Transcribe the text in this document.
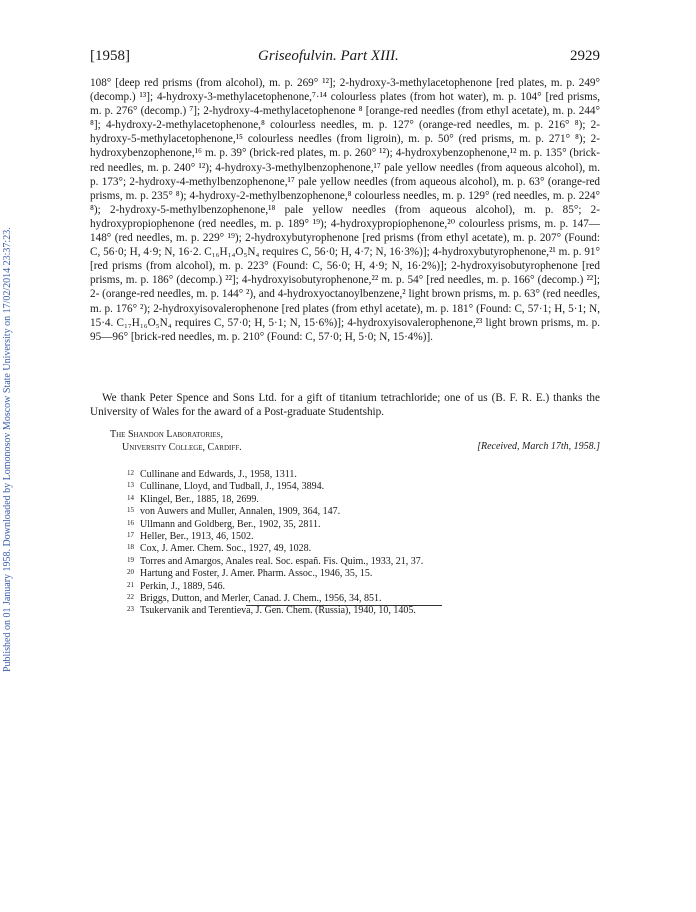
Published on 01 January 1958. Downloaded by Lomonosov Moscow State University on 17/02/2014 23:37:23.
[1958]	Griseofulvin. Part XIII.	2929

108° [deep red prisms (from alcohol), m. p. 269° ¹²]; 2-hydroxy-3-methylacetophenone [red plates, m. p. 249° (decomp.) ¹³]; 4-hydroxy-3-methylacetophenone,⁷·¹⁴ colourless plates (from hot water), m. p. 104° [red prisms, m. p. 276° (decomp.) ⁷]; 2-hydroxy-4-methylacetophenone ⁸ [orange-red needles (from ethyl acetate), m. p. 244° ⁸]; 4-hydroxy-2-methylacetophenone,⁸ colourless needles, m. p. 127° (orange-red needles, m. p. 216° ⁸); 2-hydroxy-5-methylacetophenone,¹⁵ colourless needles (from ligroin), m. p. 50° (red prisms, m. p. 271° ⁸); 2-hydroxybenzophenone,¹⁶ m. p. 39° (brick-red plates, m. p. 260° ¹²); 4-hydroxybenzophenone,¹² m. p. 135° (brick-red needles, m. p. 240° ¹²); 4-hydroxy-3-methylbenzophenone,¹⁷ pale yellow needles (from aqueous alcohol), m. p. 173°; 2-hydroxy-4-methylbenzophenone,¹⁷ pale yellow needles (from aqueous alcohol), m. p. 63° (orange-red prisms, m. p. 235° ⁸); 4-hydroxy-2-methylbenzophenone,⁸ colourless needles, m. p. 129° (red needles, m. p. 224° ⁸); 2-hydroxy-5-methylbenzophenone,¹⁸ pale yellow needles (from aqueous alcohol), m. p. 85°; 2-hydroxypropiophenone (red needles, m. p. 189° ¹⁹); 4-hydroxypropiophenone,²⁰ colourless prisms, m. p. 147—148° (red needles, m. p. 229° ¹⁹); 2-hydroxybutyrophenone [red prisms (from ethyl acetate), m. p. 207° (Found: C, 56·0; H, 4·9; N, 16·2. C₁₆H₁₄O₅N₄ requires C, 56·0; H, 4·7; N, 16·3%)]; 4-hydroxybutyrophenone,²¹ m. p. 91° [red prisms (from alcohol), m. p. 223° (Found: C, 56·0; H, 4·9; N, 16·2%)]; 2-hydroxyisobutyrophenone [red prisms, m. p. 186° (decomp.) ²²]; 4-hydroxyisobutyrophenone,²² m. p. 54° [red needles, m. p. 166° (decomp.) ²²]; 2- (orange-red needles, m. p. 144° ²), and 4-hydroxyoctanoylbenzene,² light brown prisms, m. p. 63° (red needles, m. p. 176° ²); 2-hydroxyisovalerophenone [red plates (from ethyl acetate), m. p. 181° (Found: C, 57·1; H, 5·1; N, 15·4. C₁₇H₁₆O₅N₄ requires C, 57·0; H, 5·1; N, 15·6%)]; 4-hydroxyisovalerophenone,²³ light brown prisms, m. p. 95—96° [brick-red needles, m. p. 210° (Found: C, 57·0; H, 5·0; N, 15·4%)].

We thank Peter Spence and Sons Ltd. for a gift of titanium tetrachloride; one of us (B. F. R. E.) thanks the University of Wales for the award of a Post-graduate Studentship.
The Shandon Laboratories,
University College, Cardiff.	[Received, March 17th, 1958.]
12 Cullinane and Edwards, J., 1958, 1311.
13 Cullinane, Lloyd, and Tudball, J., 1954, 3894.
14 Klingel, Ber., 1885, 18, 2699.
15 von Auwers and Muller, Annalen, 1909, 364, 147.
16 Ullmann and Goldberg, Ber., 1902, 35, 2811.
17 Heller, Ber., 1913, 46, 1502.
18 Cox, J. Amer. Chem. Soc., 1927, 49, 1028.
19 Torres and Amargos, Anales real. Soc. españ. Fis. Quim., 1933, 21, 37.
20 Hartung and Foster, J. Amer. Pharm. Assoc., 1946, 35, 15.
21 Perkin, J., 1889, 546.
22 Briggs, Dutton, and Merler, Canad. J. Chem., 1956, 34, 851.
23 Tsukervanik and Terentieva, J. Gen. Chem. (Russia), 1940, 10, 1405.
